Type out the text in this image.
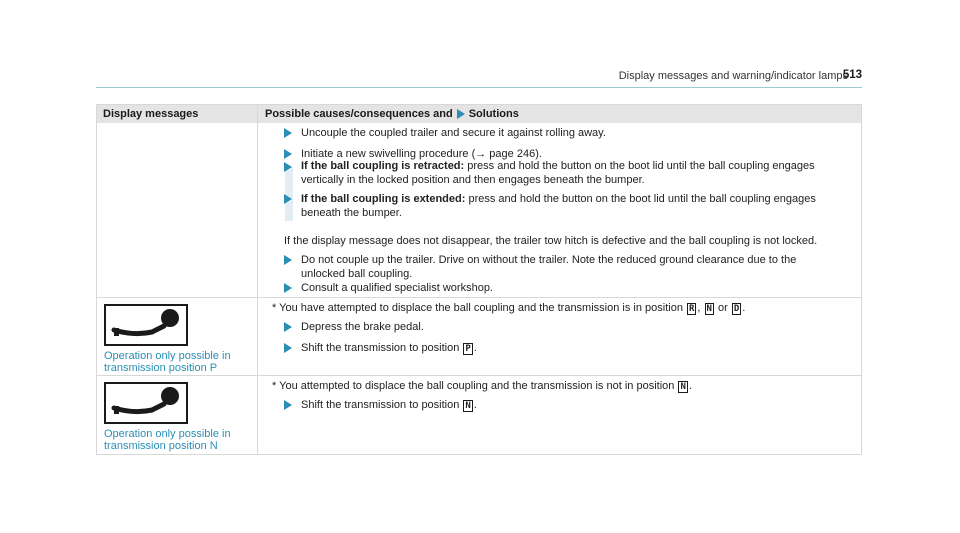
Display messages and warning/indicator lamps
513
Display messages	Possible causes/consequences and Solutions
Uncouple the coupled trailer and secure it against rolling away.
Initiate a new swivelling procedure (→ page 246).
If the ball coupling is retracted: press and hold the button on the boot lid until the ball coupling engages
vertically in the locked position and then engages beneath the bumper.
If the ball coupling is extended: press and hold the button on the boot lid until the ball coupling engages
beneath the bumper.
If the display message does not disappear, the trailer tow hitch is defective and the ball coupling is not locked.
Do not couple up the trailer. Drive on without the trailer. Note the reduced ground clearance due to the
unlocked ball coupling.
Consult a qualified specialist workshop.
Operation only possible in
transmission position P
* You have attempted to displace the ball coupling and the transmission is in position R , N or D .
Depress the brake pedal.
Shift the transmission to position P .
Operation only possible in
transmission position N
* You attempted to displace the ball coupling and the transmission is not in position N .
Shift the transmission to position N .
